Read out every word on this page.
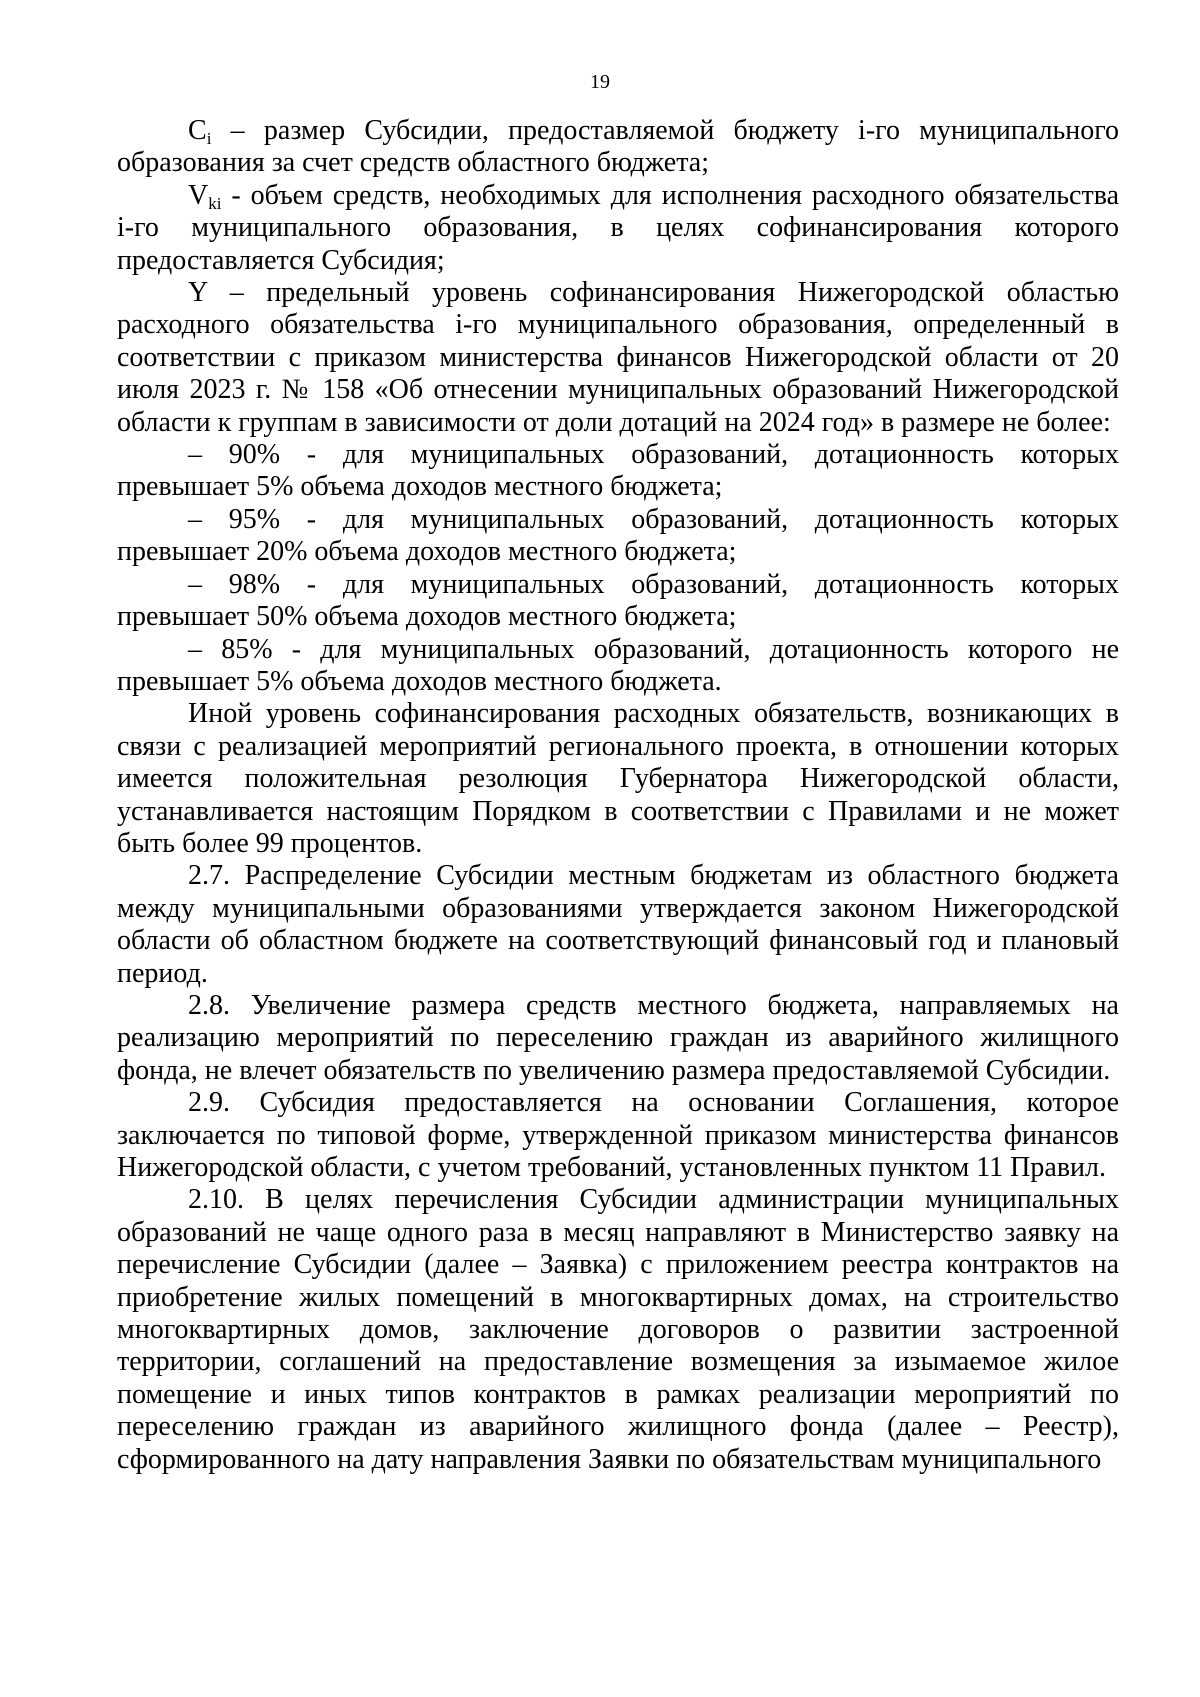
19

$C_i$ – размер Субсидии, предоставляемой бюджету i-го муниципального образования за счет средств областного бюджета;

$V_{ki}$ - объем средств, необходимых для исполнения расходного обязательства i-го муниципального образования, в целях софинансирования которого предоставляется Субсидия;

Y – предельный уровень софинансирования Нижегородской областью расходного обязательства i-го муниципального образования, определенный в соответствии с приказом министерства финансов Нижегородской области от 20 июля 2023 г. № 158 «Об отнесении муниципальных образований Нижегородской области к группам в зависимости от доли дотаций на 2024 год» в размере не более:

– 90% - для муниципальных образований, дотационность которых превышает 5% объема доходов местного бюджета;

– 95% - для муниципальных образований, дотационность которых превышает 20% объема доходов местного бюджета;

– 98% - для муниципальных образований, дотационность которых превышает 50% объема доходов местного бюджета;

– 85% - для муниципальных образований, дотационность которого не превышает 5% объема доходов местного бюджета.

Иной уровень софинансирования расходных обязательств, возникающих в связи с реализацией мероприятий регионального проекта, в отношении которых имеется положительная резолюция Губернатора Нижегородской области, устанавливается настоящим Порядком в соответствии с Правилами и не может быть более 99 процентов.

2.7. Распределение Субсидии местным бюджетам из областного бюджета между муниципальными образованиями утверждается законом Нижегородской области об областном бюджете на соответствующий финансовый год и плановый период.

2.8. Увеличение размера средств местного бюджета, направляемых на реализацию мероприятий по переселению граждан из аварийного жилищного фонда, не влечет обязательств по увеличению размера предоставляемой Субсидии.

2.9. Субсидия предоставляется на основании Соглашения, которое заключается по типовой форме, утвержденной приказом министерства финансов Нижегородской области, с учетом требований, установленных пунктом 11 Правил.

2.10. В целях перечисления Субсидии администрации муниципальных образований не чаще одного раза в месяц направляют в Министерство заявку на перечисление Субсидии (далее – Заявка) с приложением реестра контрактов на приобретение жилых помещений в многоквартирных домах, на строительство многоквартирных домов, заключение договоров о развитии застроенной территории, соглашений на предоставление возмещения за изымаемое жилое помещение и иных типов контрактов в рамках реализации мероприятий по переселению граждан из аварийного жилищного фонда (далее – Реестр), сформированного на дату направления Заявки по обязательствам муниципального
